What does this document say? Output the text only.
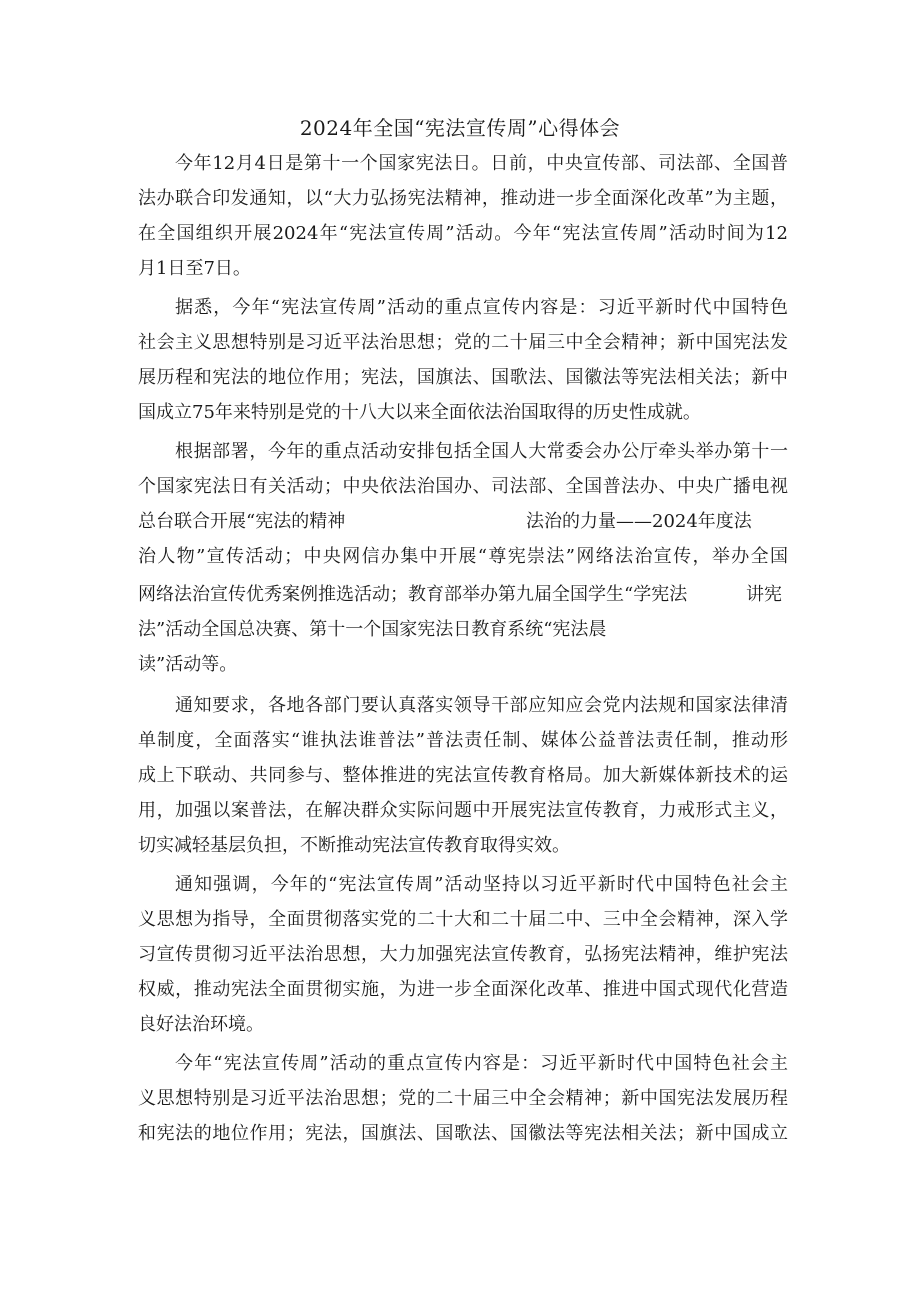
2024年全国“宪法宣传周”心得体会
今年12月4日是第十一个国家宪法日。日前，中央宣传部、司法部、全国普
法办联合印发通知，以“大力弘扬宪法精神，推动进一步全面深化改革”为主题，
在全国组织开展2024年“宪法宣传周”活动。今年“宪法宣传周”活动时间为12
月1日至7日。
据悉，今年“宪法宣传周”活动的重点宣传内容是：习近平新时代中国特色
社会主义思想特别是习近平法治思想；党的二十届三中全会精神；新中国宪法发
展历程和宪法的地位作用；宪法，国旗法、国歌法、国徽法等宪法相关法；新中
国成立75年来特别是党的十八大以来全面依法治国取得的历史性成就。
根据部署，今年的重点活动安排包括全国人大常委会办公厅牵头举办第十一
个国家宪法日有关活动；中央依法治国办、司法部、全国普法办、中央广播电视
总台联合开展“宪法的精神	法治的力量——2024年度法
治人物”宣传活动；中央网信办集中开展“尊宪崇法”网络法治宣传，举办全国
网络法治宣传优秀案例推选活动；教育部举办第九届全国学生“学宪法	讲宪
法”活动全国总决赛、第十一个国家宪法日教育系统“宪法晨
读”活动等。
通知要求，各地各部门要认真落实领导干部应知应会党内法规和国家法律清
单制度，全面落实“谁执法谁普法”普法责任制、媒体公益普法责任制，推动形
成上下联动、共同参与、整体推进的宪法宣传教育格局。加大新媒体新技术的运
用，加强以案普法，在解决群众实际问题中开展宪法宣传教育，力戒形式主义，
切实减轻基层负担，不断推动宪法宣传教育取得实效。
通知强调，今年的“宪法宣传周”活动坚持以习近平新时代中国特色社会主
义思想为指导，全面贯彻落实党的二十大和二十届二中、三中全会精神，深入学
习宣传贯彻习近平法治思想，大力加强宪法宣传教育，弘扬宪法精神，维护宪法
权威，推动宪法全面贯彻实施，为进一步全面深化改革、推进中国式现代化营造
良好法治环境。
今年“宪法宣传周”活动的重点宣传内容是：习近平新时代中国特色社会主
义思想特别是习近平法治思想；党的二十届三中全会精神；新中国宪法发展历程
和宪法的地位作用；宪法，国旗法、国歌法、国徽法等宪法相关法；新中国成立
